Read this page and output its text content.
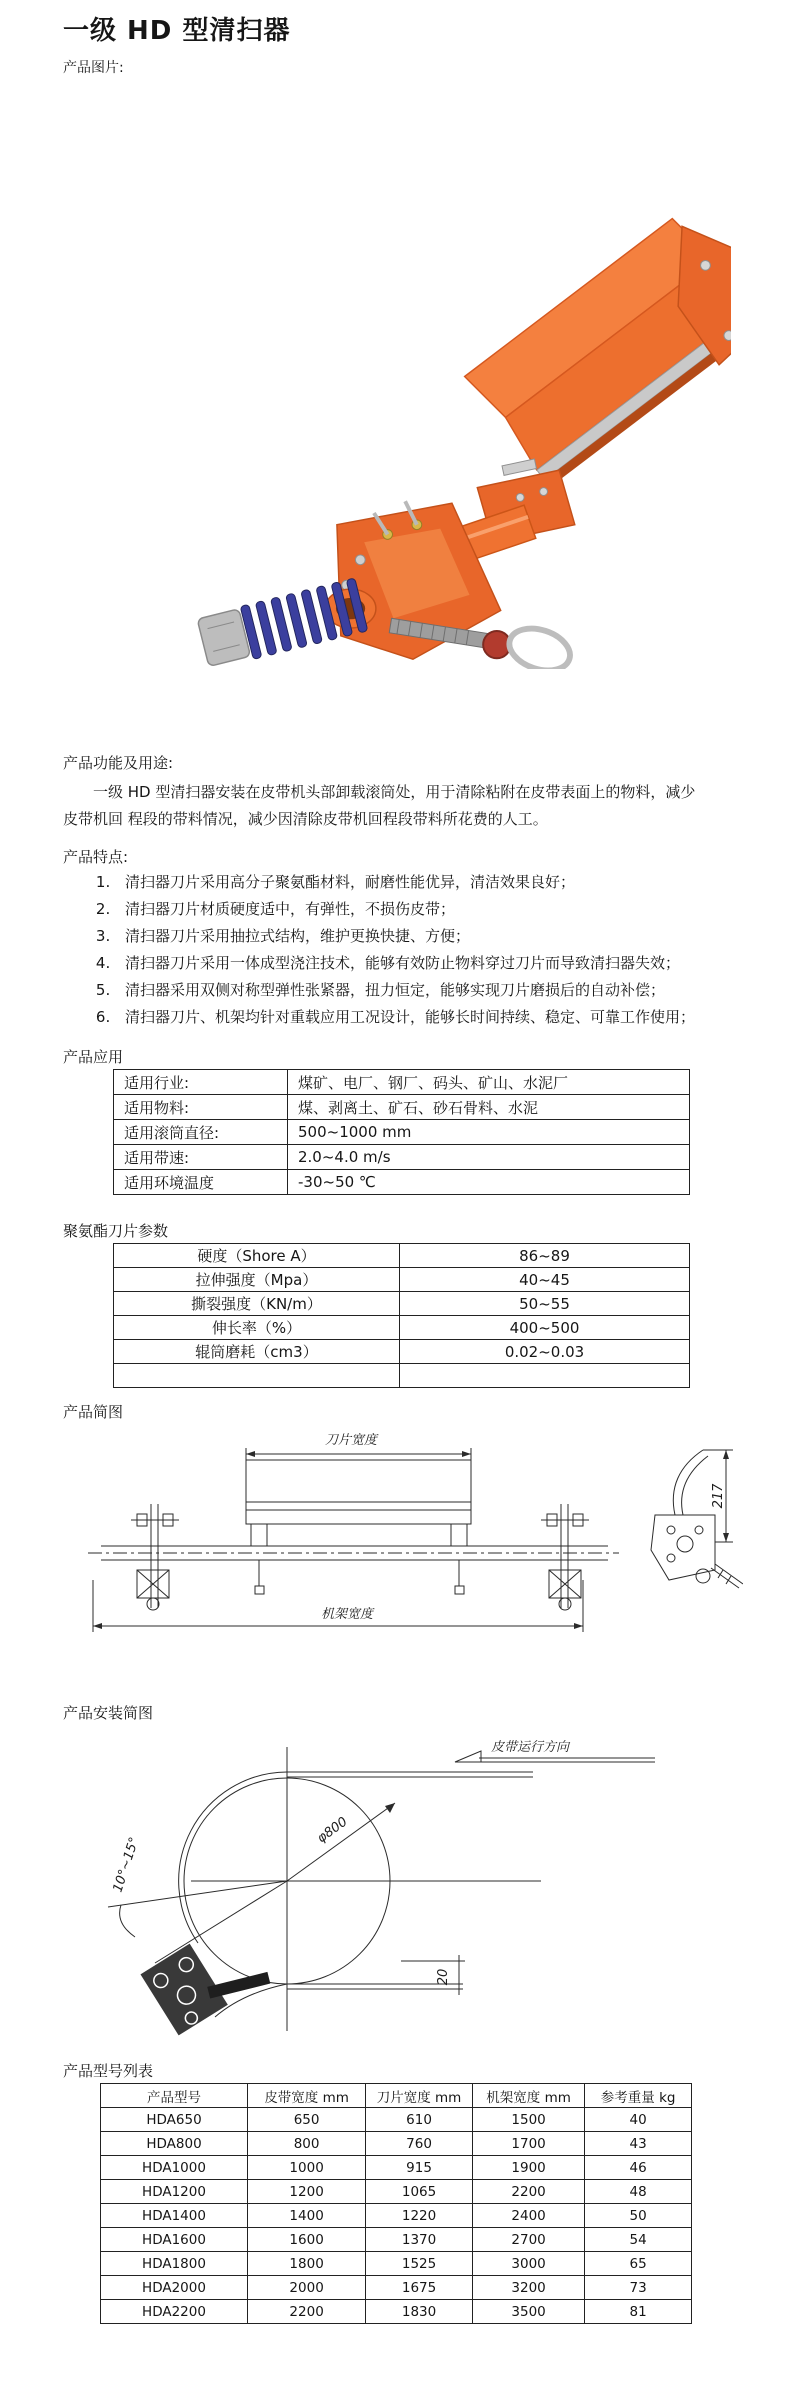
一级 HD 型清扫器

产品图片:

产品功能及用途:

一级 HD 型清扫器安装在皮带机头部卸载滚筒处，用于清除粘附在皮带表面上的物料，减少皮带机回 程段的带料情况，减少因清除皮带机回程段带料所花费的人工。

产品特点:

1. 清扫器刀片采用高分子聚氨酯材料，耐磨性能优异，清洁效果良好；
2. 清扫器刀片材质硬度适中，有弹性，不损伤皮带；
3. 清扫器刀片采用抽拉式结构，维护更换快捷、方便；
4. 清扫器刀片采用一体成型浇注技术，能够有效防止物料穿过刀片而导致清扫器失效；
5. 清扫器采用双侧对称型弹性张紧器，扭力恒定，能够实现刀片磨损后的自动补偿；
6. 清扫器刀片、机架均针对重载应用工况设计，能够长时间持续、稳定、可靠工作使用；

产品应用

适用行业:	煤矿、电厂、钢厂、码头、矿山、水泥厂
适用物料:	煤、剥离土、矿石、砂石骨料、水泥
适用滚筒直径:	500~1000 mm
适用带速:	2.0~4.0 m/s
适用环境温度	-30~50 ℃

聚氨酯刀片参数

硬度（Shore A）	86~89
拉伸强度（Mpa）	40~45
撕裂强度（KN/m）	50~55
伸长率（%）	400~500
辊筒磨耗（cm3）	0.02~0.03

产品简图

刀片宽度
机架宽度
217

产品安装简图

皮带运行方向
φ800
10°~15°
20

产品型号列表

产品型号	皮带宽度 mm	刀片宽度 mm	机架宽度 mm	参考重量 kg
HDA650	650	610	1500	40
HDA800	800	760	1700	43
HDA1000	1000	915	1900	46
HDA1200	1200	1065	2200	48
HDA1400	1400	1220	2400	50
HDA1600	1600	1370	2700	54
HDA1800	1800	1525	3000	65
HDA2000	2000	1675	3200	73
HDA2200	2200	1830	3500	81
